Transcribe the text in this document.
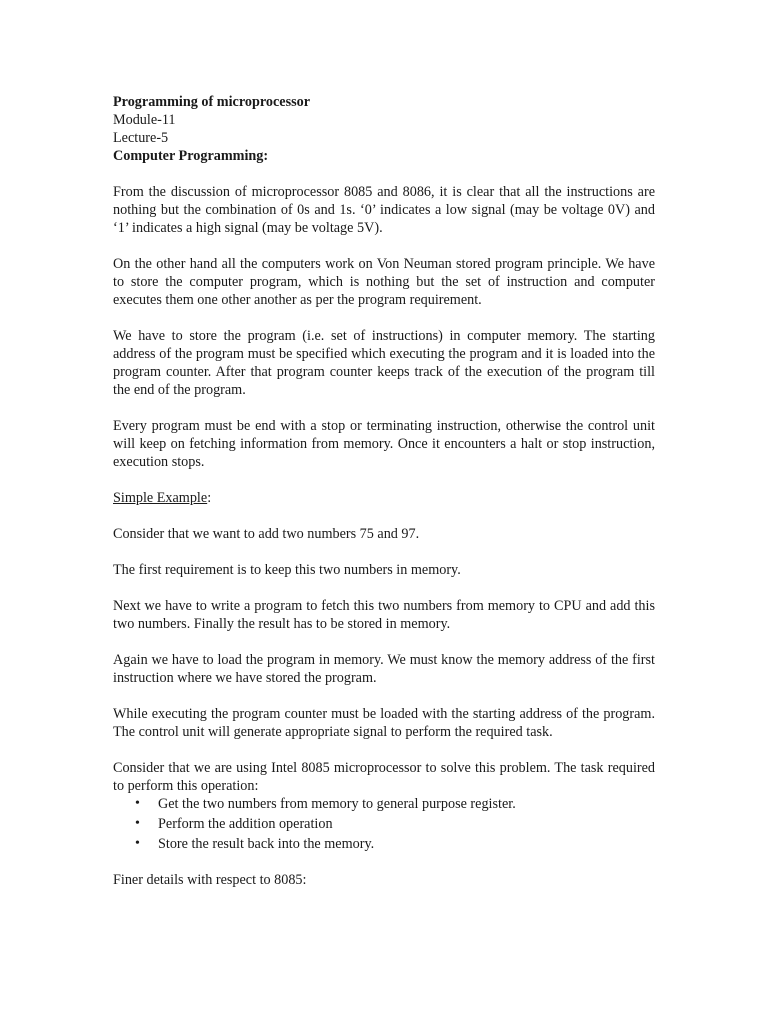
Programming of microprocessor

Module-11

Lecture-5

Computer Programming:

From the discussion of microprocessor 8085 and 8086, it is clear that all the instructions are nothing but the combination of 0s and 1s. ‘0’ indicates a low signal (may be voltage 0V) and ‘1’ indicates a high signal (may be voltage 5V).

On the other hand all the computers work on Von Neuman stored program principle. We have to store the computer program, which is nothing but the set of instruction and computer executes them one other another as per the program requirement.

We have to store the program (i.e. set of instructions) in computer memory. The starting address of the program must be specified which executing the program and it is loaded into the program counter. After that program counter keeps track of the execution of the program till the end of the program.

Every program must be end with a stop or terminating instruction, otherwise the control unit will keep on fetching information from memory. Once it encounters a halt or stop instruction, execution stops.

Simple Example:

Consider that we want to add two numbers 75 and 97.

The first requirement is to keep this two numbers in memory.

Next we have to write a program to fetch this two numbers from memory to CPU and add this two numbers. Finally the result has to be stored in memory.

Again we have to load the program in memory. We must know the memory address of the first instruction where we have stored the program.

While executing the program counter must be loaded with the starting address of the program. The control unit will generate appropriate signal to perform the required task.

Consider that we are using Intel 8085 microprocessor to solve this problem. The task required to perform this operation:

• Get the two numbers from memory to general purpose register.
• Perform the addition operation
• Store the result back into the memory.

Finer details with respect to 8085:
